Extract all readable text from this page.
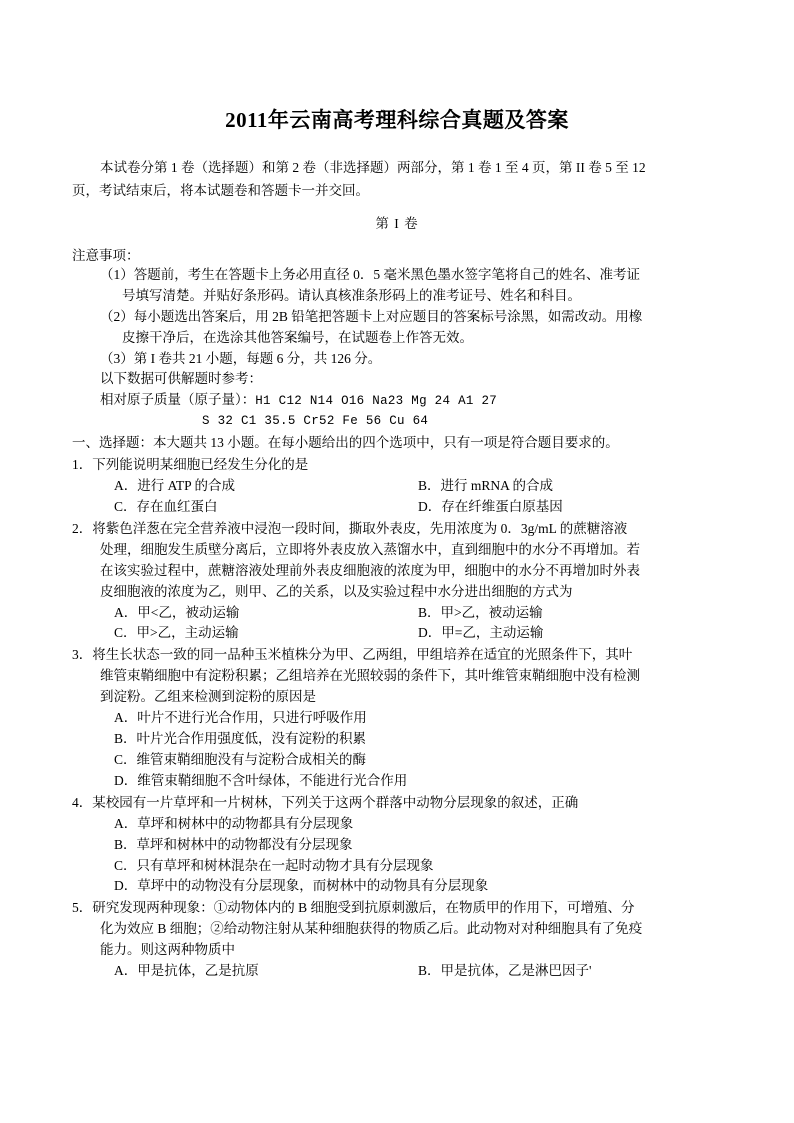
2011年云南高考理科综合真题及答案
本试卷分第 1 卷（选择题）和第 2 卷（非选择题）两部分，第 1 卷 1 至 4 页，第 II 卷 5 至 12
页，考试结束后，将本试题卷和答题卡一并交回。
第 I 卷
注意事项：
（1）答题前，考生在答题卡上务必用直径 0．5 毫米黑色墨水签字笔将自己的姓名、准考证
号填写清楚。并贴好条形码。请认真核准条形码上的准考证号、姓名和科目。
（2）每小题选出答案后，用 2B 铅笔把答题卡上对应题目的答案标号涂黑，如需改动。用橡
皮擦干净后，在选涂其他答案编号，在试题卷上作答无效。
（3）第 I 卷共 21 小题，每题 6 分，共 126 分。
以下数据可供解题时参考：
相对原子质量（原子量）：H1 C12 N14 O16 Na23 Mg 24 A1 27
S 32 C1 35.5 Cr52 Fe 56 Cu 64
一、选择题：本大题共 13 小题。在每小题给出的四个选项中，只有一项是符合题目要求的。
1．下列能说明某细胞已经发生分化的是
A．进行 ATP 的合成	B．进行 mRNA 的合成
C．存在血红蛋白	D．存在纤维蛋白原基因
2．将紫色洋葱在完全营养液中浸泡一段时间，撕取外表皮，先用浓度为 0．3g/mL 的蔗糖溶液
处理，细胞发生质壁分离后，立即将外表皮放入蒸馏水中，直到细胞中的水分不再增加。若
在该实验过程中，蔗糖溶液处理前外表皮细胞液的浓度为甲，细胞中的水分不再增加时外表
皮细胞液的浓度为乙，则甲、乙的关系，以及实验过程中水分进出细胞的方式为
A．甲<乙，被动运输	B．甲>乙，被动运输
C．甲>乙，主动运输	D．甲=乙，主动运输
3．将生长状态一致的同一品种玉米植株分为甲、乙两组，甲组培养在适宜的光照条件下，其叶
维管束鞘细胞中有淀粉积累；乙组培养在光照较弱的条件下，其叶维管束鞘细胞中没有检测
到淀粉。乙组来检测到淀粉的原因是
A．叶片不进行光合作用，只进行呼吸作用
B．叶片光合作用强度低，没有淀粉的积累
C．维管束鞘细胞没有与淀粉合成相关的酶
D．维管束鞘细胞不含叶绿体，不能进行光合作用
4．某校园有一片草坪和一片树林，下列关于这两个群落中动物分层现象的叙述，正确
A．草坪和树林中的动物都具有分层现象
B．草坪和树林中的动物都没有分层现象
C．只有草坪和树林混杂在一起时动物才具有分层现象
D．草坪中的动物没有分层现象，而树林中的动物具有分层现象
5．研究发现两种现象：①动物体内的 B 细胞受到抗原刺激后，在物质甲的作用下，可增殖、分
化为效应 B 细胞；②给动物注射从某种细胞获得的物质乙后。此动物对对种细胞具有了免疫
能力。则这两种物质中
A．甲是抗体，乙是抗原	B．甲是抗体，乙是淋巴因子'
